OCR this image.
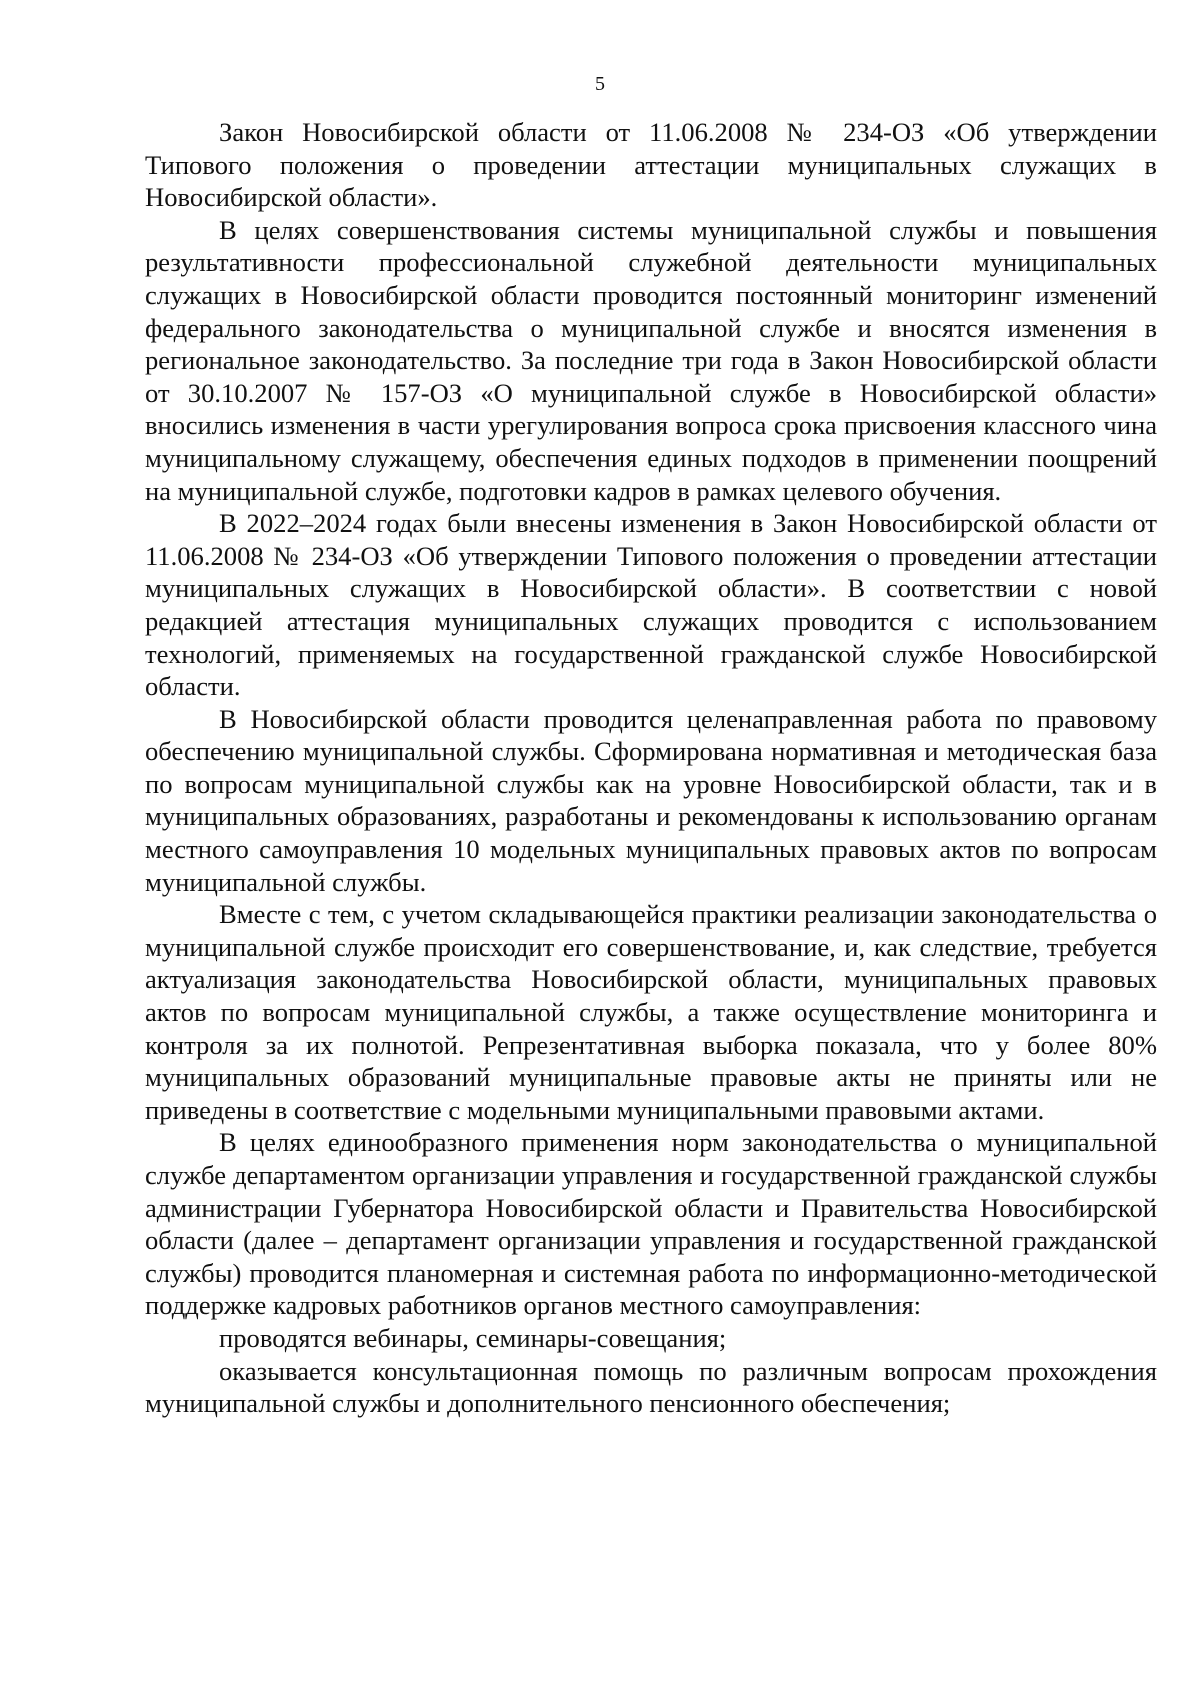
5

Закон Новосибирской области от 11.06.2008 № 234-ОЗ «Об утверждении Типового положения о проведении аттестации муниципальных служащих в Новосибирской области».

В целях совершенствования системы муниципальной службы и повышения результативности профессиональной служебной деятельности муниципальных служащих в Новосибирской области проводится постоянный мониторинг изменений федерального законодательства о муниципальной службе и вносятся изменения в региональное законодательство. За последние три года в Закон Новосибирской области от 30.10.2007 № 157-ОЗ «О муниципальной службе в Новосибирской области» вносились изменения в части урегулирования вопроса срока присвоения классного чина муниципальному служащему, обеспечения единых подходов в применении поощрений на муниципальной службе, подготовки кадров в рамках целевого обучения.

В 2022–2024 годах были внесены изменения в Закон Новосибирской области от 11.06.2008 № 234-ОЗ «Об утверждении Типового положения о проведении аттестации муниципальных служащих в Новосибирской области». В соответствии с новой редакцией аттестация муниципальных служащих проводится с использованием технологий, применяемых на государственной гражданской службе Новосибирской области.

В Новосибирской области проводится целенаправленная работа по правовому обеспечению муниципальной службы. Сформирована нормативная и методическая база по вопросам муниципальной службы как на уровне Новосибирской области, так и в муниципальных образованиях, разработаны и рекомендованы к использованию органам местного самоуправления 10 модельных муниципальных правовых актов по вопросам муниципальной службы.

Вместе с тем, с учетом складывающейся практики реализации законодательства о муниципальной службе происходит его совершенствование, и, как следствие, требуется актуализация законодательства Новосибирской области, муниципальных правовых актов по вопросам муниципальной службы, а также осуществление мониторинга и контроля за их полнотой. Репрезентативная выборка показала, что у более 80% муниципальных образований муниципальные правовые акты не приняты или не приведены в соответствие с модельными муниципальными правовыми актами.

В целях единообразного применения норм законодательства о муниципальной службе департаментом организации управления и государственной гражданской службы администрации Губернатора Новосибирской области и Правительства Новосибирской области (далее – департамент организации управления и государственной гражданской службы) проводится планомерная и системная работа по информационно-методической поддержке кадровых работников органов местного самоуправления:

проводятся вебинары, семинары-совещания;

оказывается консультационная помощь по различным вопросам прохождения муниципальной службы и дополнительного пенсионного обеспечения;
